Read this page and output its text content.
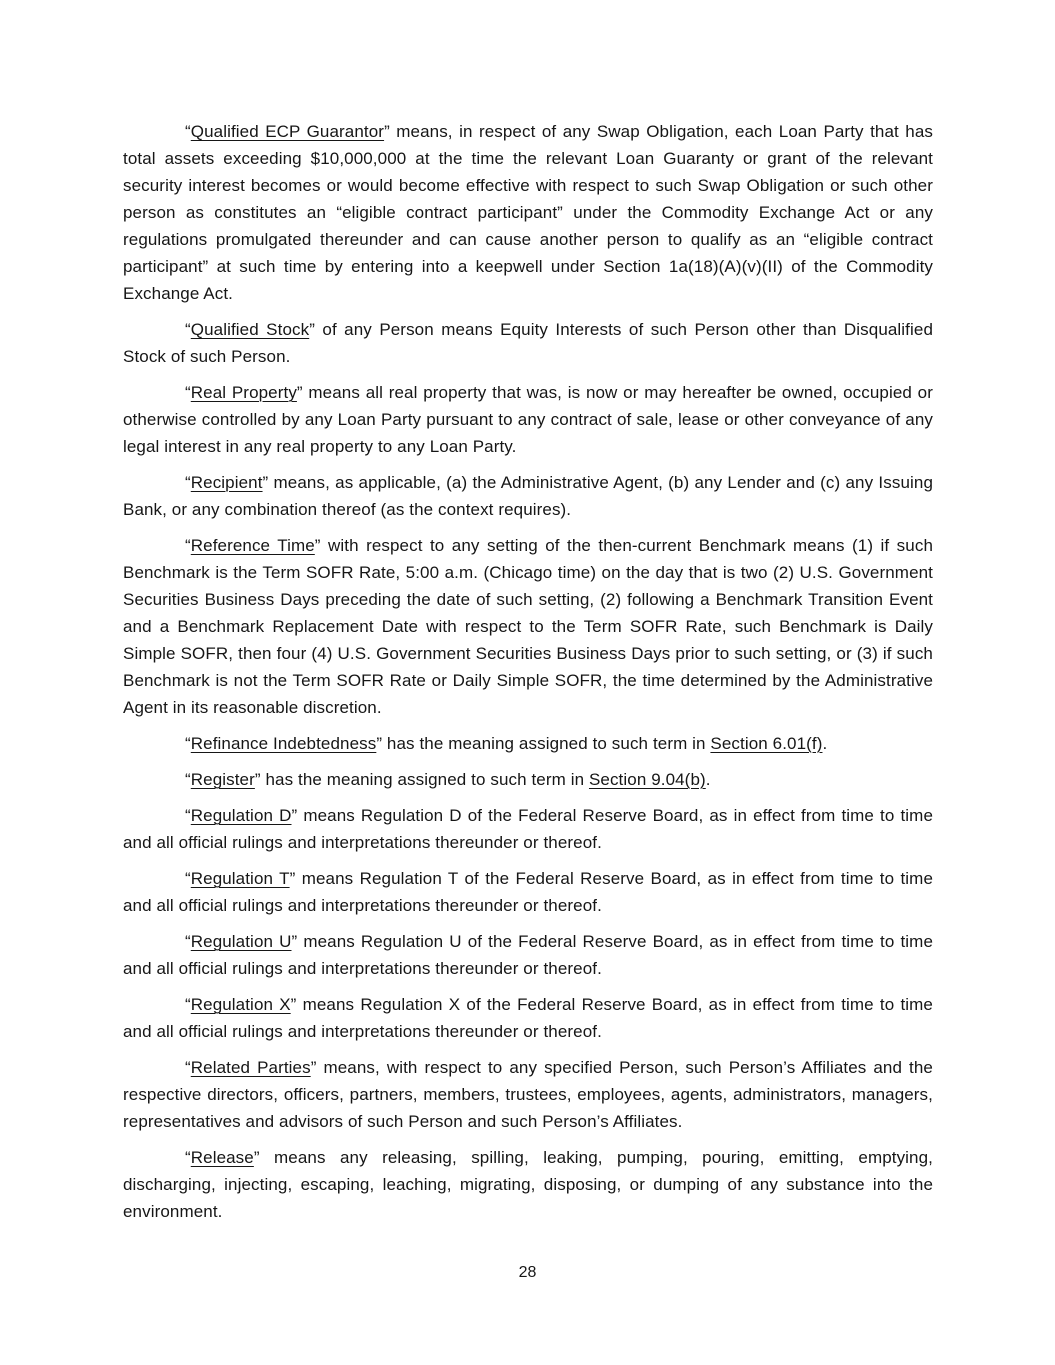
“Qualified ECP Guarantor” means, in respect of any Swap Obligation, each Loan Party that has total assets exceeding $10,000,000 at the time the relevant Loan Guaranty or grant of the relevant security interest becomes or would become effective with respect to such Swap Obligation or such other person as constitutes an “eligible contract participant” under the Commodity Exchange Act or any regulations promulgated thereunder and can cause another person to qualify as an “eligible contract participant” at such time by entering into a keepwell under Section 1a(18)(A)(v)(II) of the Commodity Exchange Act.

“Qualified Stock” of any Person means Equity Interests of such Person other than Disqualified Stock of such Person.

“Real Property” means all real property that was, is now or may hereafter be owned, occupied or otherwise controlled by any Loan Party pursuant to any contract of sale, lease or other conveyance of any legal interest in any real property to any Loan Party.

“Recipient” means, as applicable, (a) the Administrative Agent, (b) any Lender and (c) any Issuing Bank, or any combination thereof (as the context requires).

“Reference Time” with respect to any setting of the then-current Benchmark means (1) if such Benchmark is the Term SOFR Rate, 5:00 a.m. (Chicago time) on the day that is two (2) U.S. Government Securities Business Days preceding the date of such setting, (2) following a Benchmark Transition Event and a Benchmark Replacement Date with respect to the Term SOFR Rate, such Benchmark is Daily Simple SOFR, then four (4) U.S. Government Securities Business Days prior to such setting, or (3) if such Benchmark is not the Term SOFR Rate or Daily Simple SOFR, the time determined by the Administrative Agent in its reasonable discretion.

“Refinance Indebtedness” has the meaning assigned to such term in Section 6.01(f).

“Register” has the meaning assigned to such term in Section 9.04(b).

“Regulation D” means Regulation D of the Federal Reserve Board, as in effect from time to time and all official rulings and interpretations thereunder or thereof.

“Regulation T” means Regulation T of the Federal Reserve Board, as in effect from time to time and all official rulings and interpretations thereunder or thereof.

“Regulation U” means Regulation U of the Federal Reserve Board, as in effect from time to time and all official rulings and interpretations thereunder or thereof.

“Regulation X” means Regulation X of the Federal Reserve Board, as in effect from time to time and all official rulings and interpretations thereunder or thereof.

“Related Parties” means, with respect to any specified Person, such Person’s Affiliates and the respective directors, officers, partners, members, trustees, employees, agents, administrators, managers, representatives and advisors of such Person and such Person’s Affiliates.

“Release” means any releasing, spilling, leaking, pumping, pouring, emitting, emptying, discharging, injecting, escaping, leaching, migrating, disposing, or dumping of any substance into the environment.

28
